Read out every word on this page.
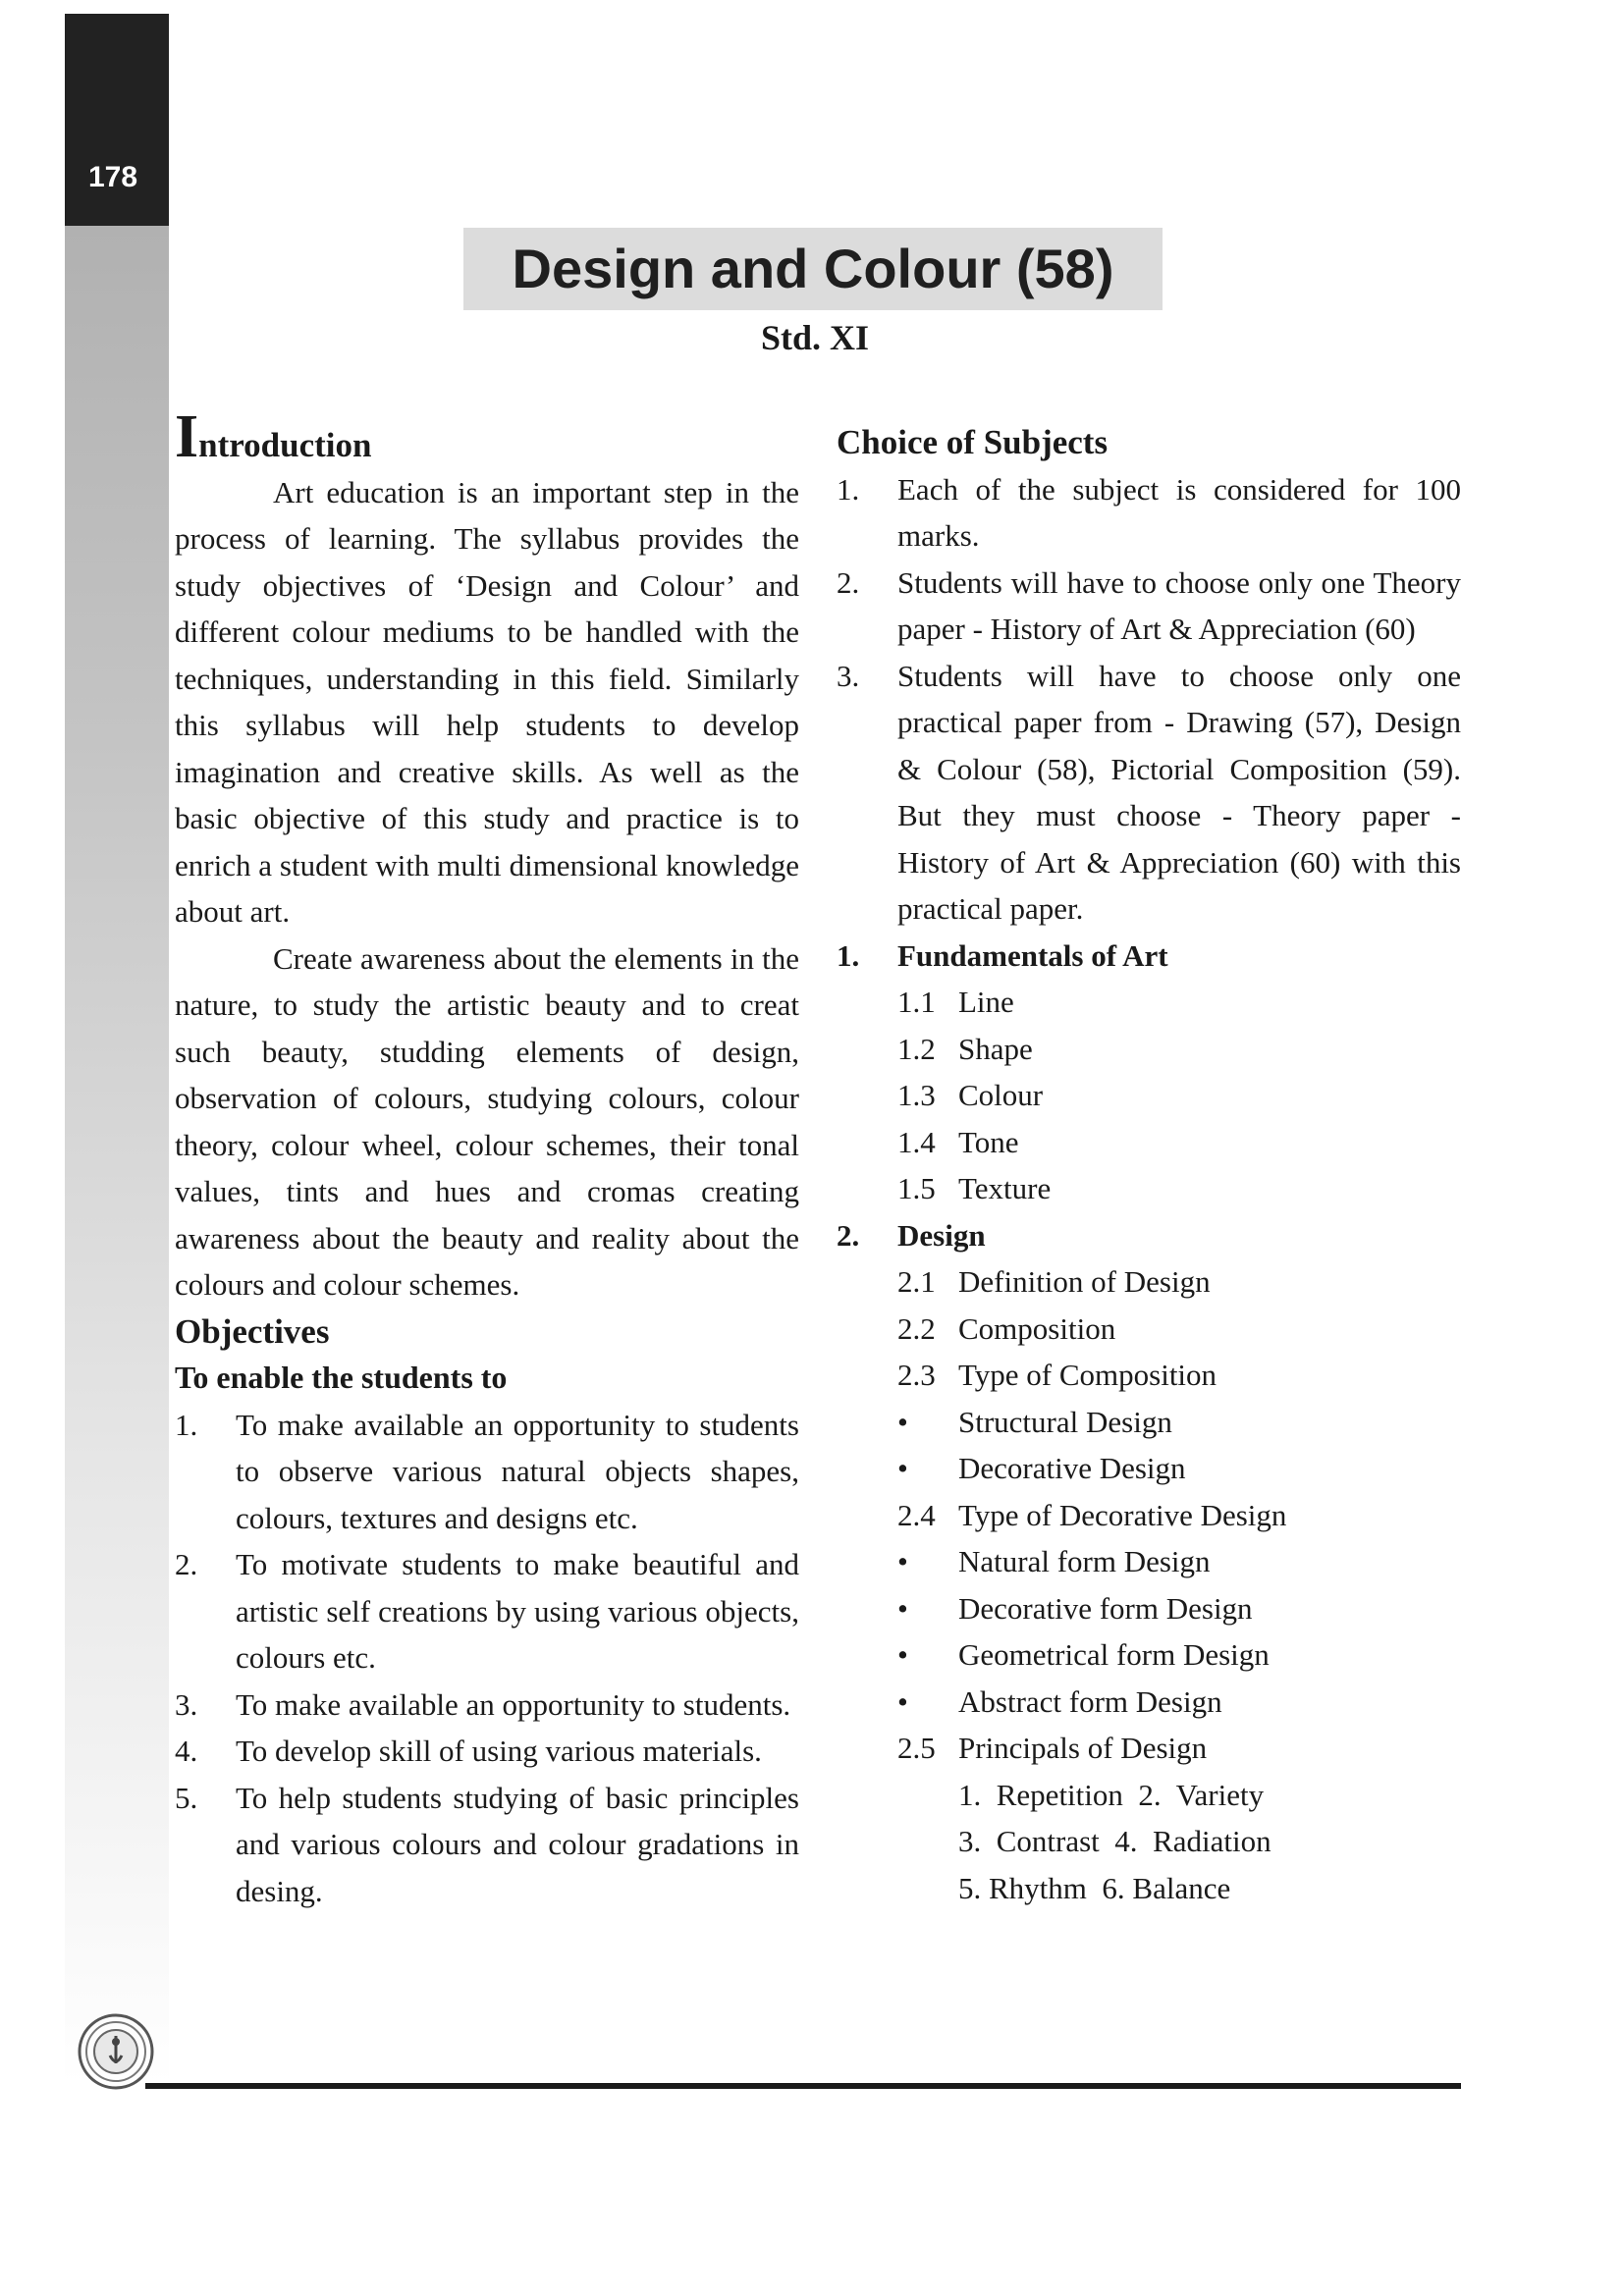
178
Design and Colour (58)
Std. XI
Introduction

Art education is an important step in the process of learning. The syllabus provides the study objectives of ‘Design and Colour’ and different colour mediums to be handled with the techniques, understanding in this field. Similarly this syllabus will help students to develop imagination and creative skills. As well as the basic objective of this study and practice is to enrich a student with multi dimensional knowledge about art.

Create awareness about the elements in the nature, to study the artistic beauty and to creat such beauty, studding elements of design, observation of colours, studying colours, colour theory, colour wheel, colour schemes, their tonal values, tints and hues and cromas creating awareness about the beauty and reality about the colours and colour schemes.

Objectives
To enable the students to
1. To make available an opportunity to students to observe various natural objects shapes, colours, textures and designs etc.
2. To motivate students to make beautiful and artistic self creations by using various objects, colours etc.
3. To make available an opportunity to students.
4. To develop skill of using various materials.
5. To help students studying of basic principles and various colours and colour gradations in desing.
Choice of Subjects
1. Each of the subject is considered for 100 marks.
2. Students will have to choose only one Theory paper - History of Art & Appreciation (60)
3. Students will have to choose only one practical paper from - Drawing (57), Design & Colour (58), Pictorial Composition (59). But they must choose - Theory paper - History of Art & Appreciation (60) with this practical paper.
1. Fundamentals of Art
1.1 Line
1.2 Shape
1.3 Colour
1.4 Tone
1.5 Texture
2. Design
2.1 Definition of Design
2.2 Composition
2.3 Type of Composition
• Structural Design
• Decorative Design
2.4 Type of Decorative Design
• Natural form Design
• Decorative form Design
• Geometrical form Design
• Abstract form Design
2.5 Principals of Design
1.  Repetition  2.  Variety
3.  Contrast  4.  Radiation
5. Rhythm  6. Balance
